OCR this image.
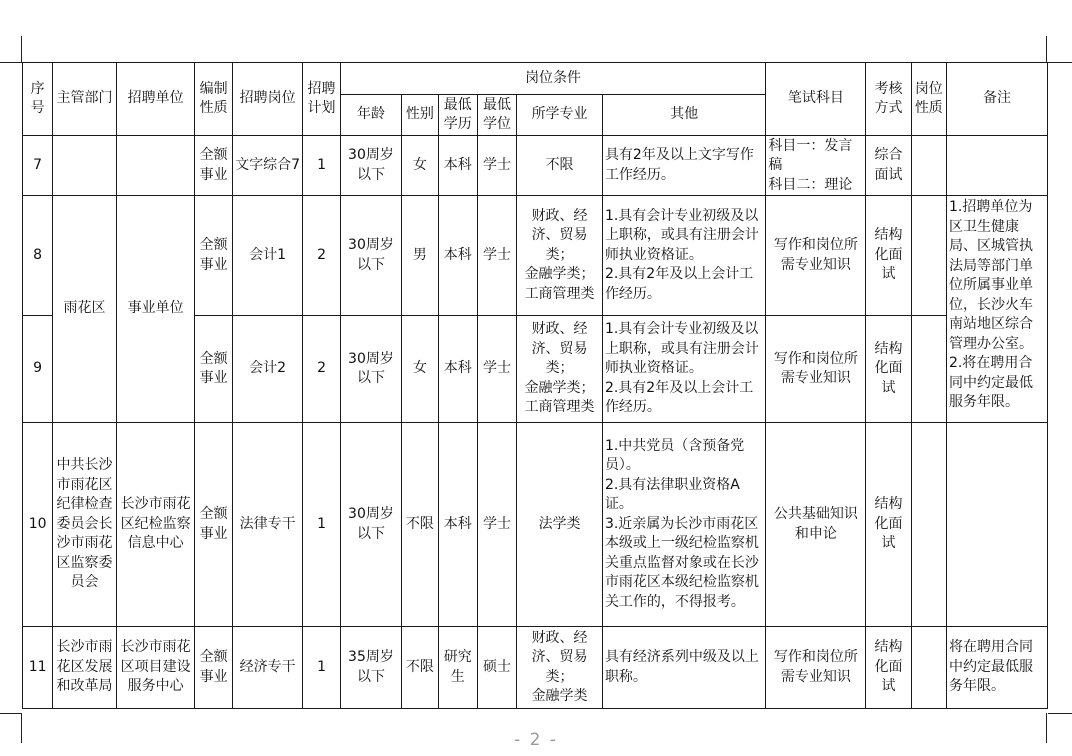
序号	主管部门	招聘单位	编制性质	招聘岗位	招聘计划	岗位条件						笔试科目	考核方式	岗位性质	备注
						年龄	性别	最低学历	最低学位	所学专业	其他				
7			全额事业	文字综合7	1	30周岁以下	女	本科	学士	不限	具有2年及以上文字写作工作经历。	科目一：发言稿
科目二：理论	综合面试		
8	雨花区	事业单位	全额事业	会计1	2	30周岁以下	男	本科	学士	财政、经济、贸易类；
金融学类；
工商管理类	1.具有会计专业初级及以上职称，或具有注册会计师执业资格证。
2.具有2年及以上会计工作经历。	写作和岗位所需专业知识	结构化面试		1.招聘单位为区卫生健康局、区城管执法局等部门单位所属事业单位，长沙火车南站地区综合管理办公室。
2.将在聘用合同中约定最低服务年限。
9			全额事业	会计2	2	30周岁以下	女	本科	学士	财政、经济、贸易类；
金融学类；
工商管理类	1.具有会计专业初级及以上职称，或具有注册会计师执业资格证。
2.具有2年及以上会计工作经历。	写作和岗位所需专业知识	结构化面试		
10	中共长沙市雨花区纪律检查委员会长沙市雨花区监察委员会	长沙市雨花区纪检监察信息中心	全额事业	法律专干	1	30周岁以下	不限	本科	学士	法学类	1.中共党员（含预备党员）。
2.具有法律职业资格A证。
3.近亲属为长沙市雨花区本级或上一级纪检监察机关重点监督对象或在长沙市雨花区本级纪检监察机关工作的，不得报考。	公共基础知识和申论	结构化面试		
11	长沙市雨花区发展和改革局	长沙市雨花区项目建设服务中心	全额事业	经济专干	1	35周岁以下	不限	研究生	硕士	财政、经济、贸易类；
金融学类	具有经济系列中级及以上职称。	写作和岗位所需专业知识	结构化面试		将在聘用合同中约定最低服务年限。
- 2 -
